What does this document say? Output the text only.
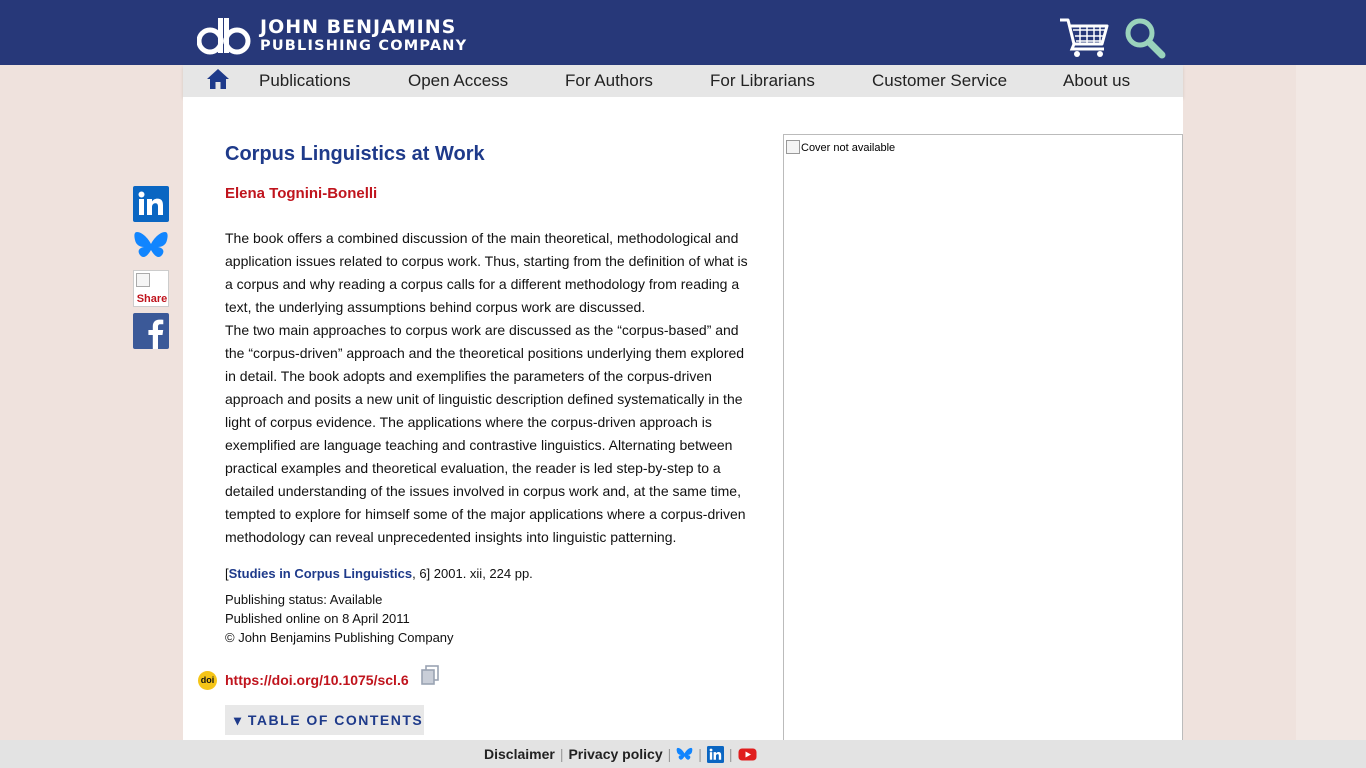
JOHN BENJAMINS
PUBLISHING COMPANY
Publications	Open Access	For Authors	For Librarians	Customer Service	About us
Share
Corpus Linguistics at Work
Elena Tognini-Bonelli

The book offers a combined discussion of the main theoretical, methodological and application issues related to corpus work. Thus, starting from the definition of what is a corpus and why reading a corpus calls for a different methodology from reading a text, the underlying assumptions behind corpus work are discussed.

The two main approaches to corpus work are discussed as the “corpus-based” and the “corpus-driven” approach and the theoretical positions underlying them explored in detail. The book adopts and exemplifies the parameters of the corpus-driven approach and posits a new unit of linguistic description defined systematically in the light of corpus evidence. The applications where the corpus-driven approach is exemplified are language teaching and contrastive linguistics. Alternating between practical examples and theoretical evaluation, the reader is led step-by-step to a detailed understanding of the issues involved in corpus work and, at the same time, tempted to explore for himself some of the major applications where a corpus-driven methodology can reveal unprecedented insights into linguistic patterning.

[Studies in Corpus Linguistics, 6] 2001. xii, 224 pp.
Publishing status: Available
Published online on 8 April 2011
© John Benjamins Publishing Company
doi https://doi.org/10.1075/scl.6
▾ TABLE OF CONTENTS
Cover not available
Disclaimer | Privacy policy | | |
